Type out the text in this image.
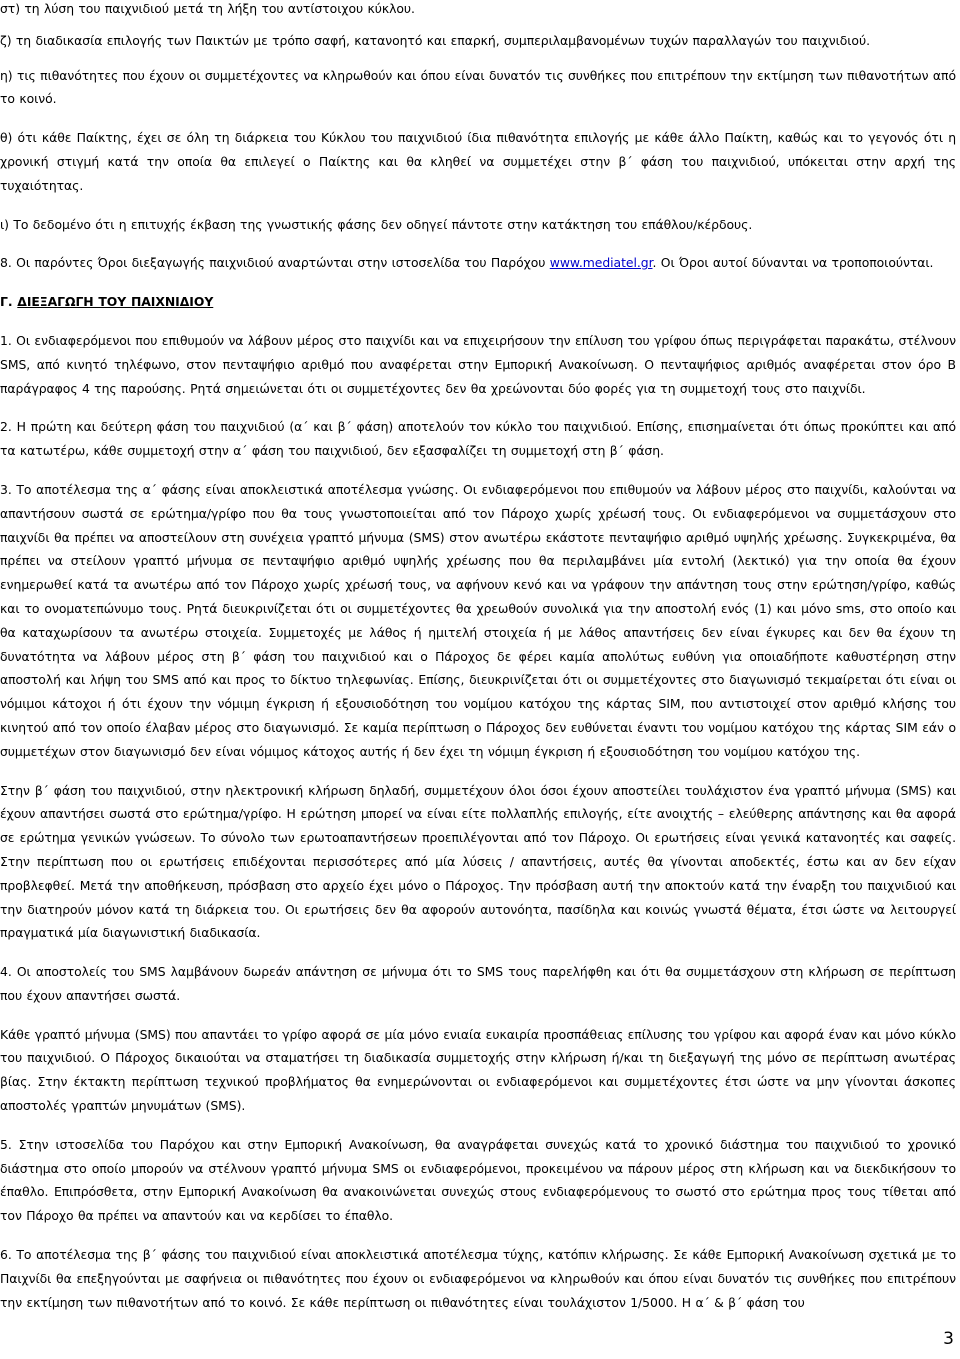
στ) τη λύση του παιχνιδιού μετά τη λήξη του αντίστοιχου κύκλου.

ζ) τη διαδικασία επιλογής των Παικτών με τρόπο σαφή, κατανοητό και επαρκή, συμπεριλαμβανομένων τυχών παραλλαγών του παιχνιδιού.

η) τις πιθανότητες που έχουν οι συμμετέχοντες να κληρωθούν και όπου είναι δυνατόν τις συνθήκες που επιτρέπουν την εκτίμηση των πιθανοτήτων από το κοινό.

θ) ότι κάθε Παίκτης, έχει σε όλη τη διάρκεια του Κύκλου του παιχνιδιού ίδια πιθανότητα επιλογής με κάθε άλλο Παίκτη, καθώς και το γεγονός ότι η χρονική στιγμή κατά την οποία θα επιλεγεί ο Παίκτης και θα κληθεί να συμμετέχει στην β΄ φάση του παιχνιδιού, υπόκειται στην αρχή της τυχαιότητας.

ι) Το δεδομένο ότι η επιτυχής έκβαση της γνωστικής φάσης δεν οδηγεί πάντοτε στην κατάκτηση του επάθλου/κέρδους.

8. Οι παρόντες Όροι διεξαγωγής παιχνιδιού αναρτώνται στην ιστοσελίδα του Παρόχου www.mediatel.gr. Οι Όροι αυτοί δύνανται να τροποποιούνται.

Γ. ΔΙΕΞΑΓΩΓΗ ΤΟΥ ΠΑΙΧΝΙΔΙΟΥ

1. Οι ενδιαφερόμενοι που επιθυμούν να λάβουν μέρος στο παιχνίδι και να επιχειρήσουν την επίλυση του γρίφου όπως περιγράφεται παρακάτω, στέλνουν SMS, από κινητό τηλέφωνο, στον πενταψήφιο αριθμό που αναφέρεται στην Εμπορική Ανακοίνωση. Ο πενταψήφιος αριθμός αναφέρεται στον όρο Β παράγραφος 4 της παρούσης. Ρητά σημειώνεται ότι οι συμμετέχοντες δεν θα χρεώνονται δύο φορές για τη συμμετοχή τους στο παιχνίδι.

2. Η πρώτη και δεύτερη φάση του παιχνιδιού (α΄ και β΄ φάση) αποτελούν τον κύκλο του παιχνιδιού. Επίσης, επισημαίνεται ότι όπως προκύπτει και από τα κατωτέρω, κάθε συμμετοχή στην α΄ φάση του παιχνιδιού, δεν εξασφαλίζει τη συμμετοχή στη β΄ φάση.

3. Το αποτέλεσμα της α΄ φάσης είναι αποκλειστικά αποτέλεσμα γνώσης. Οι ενδιαφερόμενοι που επιθυμούν να λάβουν μέρος στο παιχνίδι, καλούνται να απαντήσουν σωστά σε ερώτημα/γρίφο που θα τους γνωστοποιείται από τον Πάροχο χωρίς χρέωσή τους. Οι ενδιαφερόμενοι να συμμετάσχουν στο παιχνίδι θα πρέπει να αποστείλουν στη συνέχεια γραπτό μήνυμα (SMS) στον ανωτέρω εκάστοτε πενταψήφιο αριθμό υψηλής χρέωσης. Συγκεκριμένα, θα πρέπει να στείλουν γραπτό μήνυμα σε πενταψήφιο αριθμό υψηλής χρέωσης που θα περιλαμβάνει μία εντολή (λεκτικό) για την οποία θα έχουν ενημερωθεί κατά τα ανωτέρω από τον Πάροχο χωρίς χρέωσή τους, να αφήνουν κενό και να γράφουν την απάντηση τους στην ερώτηση/γρίφο, καθώς και το ονοματεπώνυμο τους. Ρητά διευκρινίζεται ότι οι συμμετέχοντες θα χρεωθούν συνολικά για την αποστολή ενός (1) και μόνο sms, στο οποίο και θα καταχωρίσουν τα ανωτέρω στοιχεία. Συμμετοχές με λάθος ή ημιτελή στοιχεία ή με λάθος απαντήσεις δεν είναι έγκυρες και δεν θα έχουν τη δυνατότητα να λάβουν μέρος στη β΄ φάση του παιχνιδιού και ο Πάροχος δε φέρει καμία απολύτως ευθύνη για οποιαδήποτε καθυστέρηση στην αποστολή και λήψη του SMS από και προς το δίκτυο τηλεφωνίας. Επίσης, διευκρινίζεται ότι οι συμμετέχοντες στο διαγωνισμό τεκμαίρεται ότι είναι οι νόμιμοι κάτοχοι ή ότι έχουν την νόμιμη έγκριση ή εξουσιοδότηση του νομίμου κατόχου της κάρτας SIM, που αντιστοιχεί στον αριθμό κλήσης του κινητού από τον οποίο έλαβαν μέρος στο διαγωνισμό. Σε καμία περίπτωση ο Πάροχος δεν ευθύνεται έναντι του νομίμου κατόχου της κάρτας SIM εάν ο συμμετέχων στον διαγωνισμό δεν είναι νόμιμος κάτοχος αυτής ή δεν έχει τη νόμιμη έγκριση ή εξουσιοδότηση του νομίμου κατόχου της.

Στην β΄ φάση του παιχνιδιού, στην ηλεκτρονική κλήρωση δηλαδή, συμμετέχουν όλοι όσοι έχουν αποστείλει τουλάχιστον ένα γραπτό μήνυμα (SMS) και έχουν απαντήσει σωστά στο ερώτημα/γρίφο. Η ερώτηση μπορεί να είναι είτε πολλαπλής επιλογής, είτε ανοιχτής – ελεύθερης απάντησης και θα αφορά σε ερώτημα γενικών γνώσεων. Το σύνολο των ερωτοαπαντήσεων προεπιλέγονται από τον Πάροχο. Οι ερωτήσεις είναι γενικά κατανοητές και σαφείς. Στην περίπτωση που οι ερωτήσεις επιδέχονται περισσότερες από μία λύσεις / απαντήσεις, αυτές θα γίνονται αποδεκτές, έστω και αν δεν είχαν προβλεφθεί. Μετά την αποθήκευση, πρόσβαση στο αρχείο έχει μόνο ο Πάροχος. Την πρόσβαση αυτή την αποκτούν κατά την έναρξη του παιχνιδιού και την διατηρούν μόνον κατά τη διάρκεια του. Οι ερωτήσεις δεν θα αφορούν αυτονόητα, πασίδηλα και κοινώς γνωστά θέματα, έτσι ώστε να λειτουργεί πραγματικά μία διαγωνιστική διαδικασία.

4. Οι αποστολείς του SMS λαμβάνουν δωρεάν απάντηση σε μήνυμα ότι το SMS τους παρελήφθη και ότι θα συμμετάσχουν στη κλήρωση σε περίπτωση που έχουν απαντήσει σωστά.

Κάθε γραπτό μήνυμα (SMS) που απαντάει το γρίφο αφορά σε μία μόνο ενιαία ευκαιρία προσπάθειας επίλυσης του γρίφου και αφορά έναν και μόνο κύκλο του παιχνιδιού. Ο Πάροχος δικαιούται να σταματήσει τη διαδικασία συμμετοχής στην κλήρωση ή/και τη διεξαγωγή της μόνο σε περίπτωση ανωτέρας βίας. Στην έκτακτη περίπτωση τεχνικού προβλήματος θα ενημερώνονται οι ενδιαφερόμενοι και συμμετέχοντες έτσι ώστε να μην γίνονται άσκοπες αποστολές γραπτών μηνυμάτων (SMS).

5. Στην ιστοσελίδα του Παρόχου και στην Εμπορική Ανακοίνωση, θα αναγράφεται συνεχώς κατά το χρονικό διάστημα του παιχνιδιού το χρονικό διάστημα στο οποίο μπορούν να στέλνουν γραπτό μήνυμα SMS οι ενδιαφερόμενοι, προκειμένου να πάρουν μέρος στη κλήρωση και να διεκδικήσουν το έπαθλο. Επιπρόσθετα, στην Εμπορική Ανακοίνωση θα ανακοινώνεται συνεχώς στους ενδιαφερόμενους το σωστό στο ερώτημα προς τους τίθεται από τον Πάροχο θα πρέπει να απαντούν και να κερδίσει το έπαθλο.

6. Το αποτέλεσμα της β΄ φάσης του παιχνιδιού είναι αποκλειστικά αποτέλεσμα τύχης, κατόπιν κλήρωσης. Σε κάθε Εμπορική Ανακοίνωση σχετικά με το Παιχνίδι θα επεξηγούνται με σαφήνεια οι πιθανότητες που έχουν οι ενδιαφερόμενοι να κληρωθούν και όπου είναι δυνατόν τις συνθήκες που επιτρέπουν την εκτίμηση των πιθανοτήτων από το κοινό. Σε κάθε περίπτωση οι πιθανότητες είναι τουλάχιστον 1/5000. Η α΄ & β΄ φάση του

3
